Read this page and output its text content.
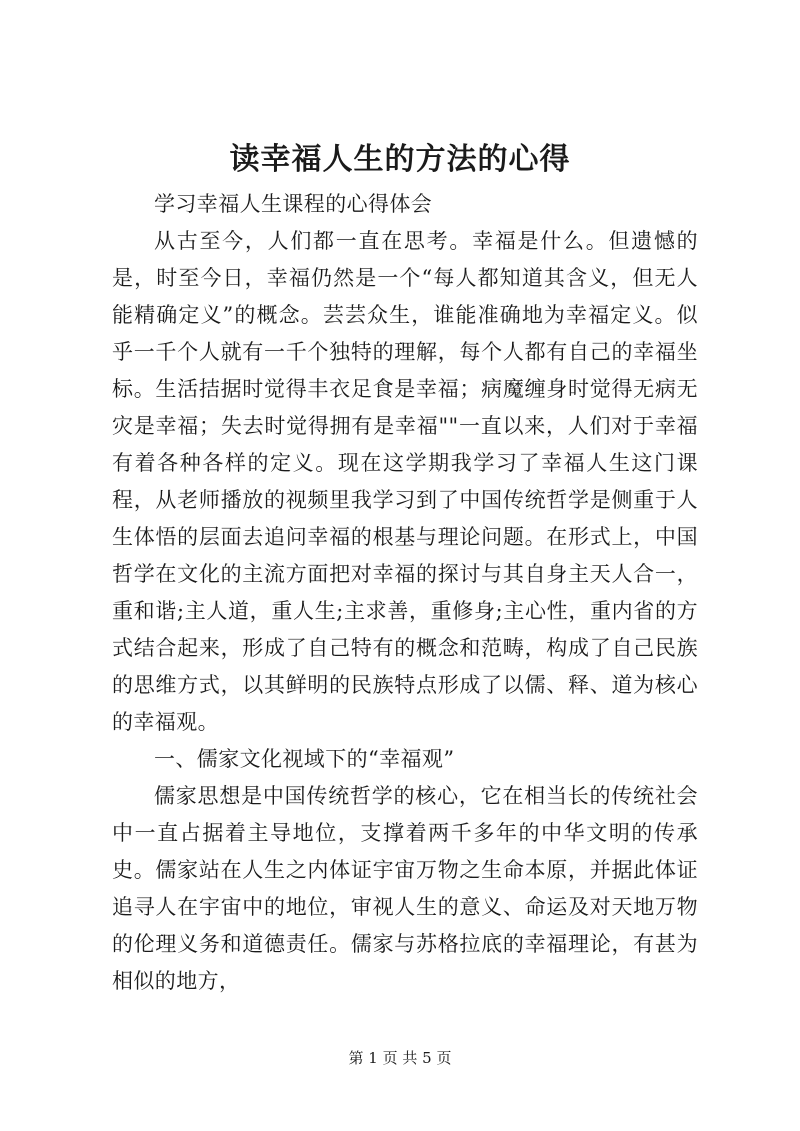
读幸福人生的方法的心得

学习幸福人生课程的心得体会

从古至今，人们都一直在思考。幸福是什么。但遗憾的是，时至今日，幸福仍然是一个“每人都知道其含义，但无人能精确定义”的概念。芸芸众生，谁能准确地为幸福定义。似乎一千个人就有一千个独特的理解，每个人都有自己的幸福坐标。生活拮据时觉得丰衣足食是幸福；病魔缠身时觉得无病无灾是幸福；失去时觉得拥有是幸福""一直以来，人们对于幸福有着各种各样的定义。现在这学期我学习了幸福人生这门课程，从老师播放的视频里我学习到了中国传统哲学是侧重于人生体悟的层面去追问幸福的根基与理论问题。在形式上，中国哲学在文化的主流方面把对幸福的探讨与其自身主天人合一，重和谐;主人道，重人生;主求善，重修身;主心性，重内省的方式结合起来，形成了自己特有的概念和范畴，构成了自己民族的思维方式，以其鲜明的民族特点形成了以儒、释、道为核心的幸福观。

一、儒家文化视域下的“幸福观”

儒家思想是中国传统哲学的核心，它在相当长的传统社会中一直占据着主导地位，支撑着两千多年的中华文明的传承史。儒家站在人生之内体证宇宙万物之生命本原，并据此体证追寻人在宇宙中的地位，审视人生的意义、命运及对天地万物的伦理义务和道德责任。儒家与苏格拉底的幸福理论，有甚为相似的地方，

第 1 页 共 5 页
